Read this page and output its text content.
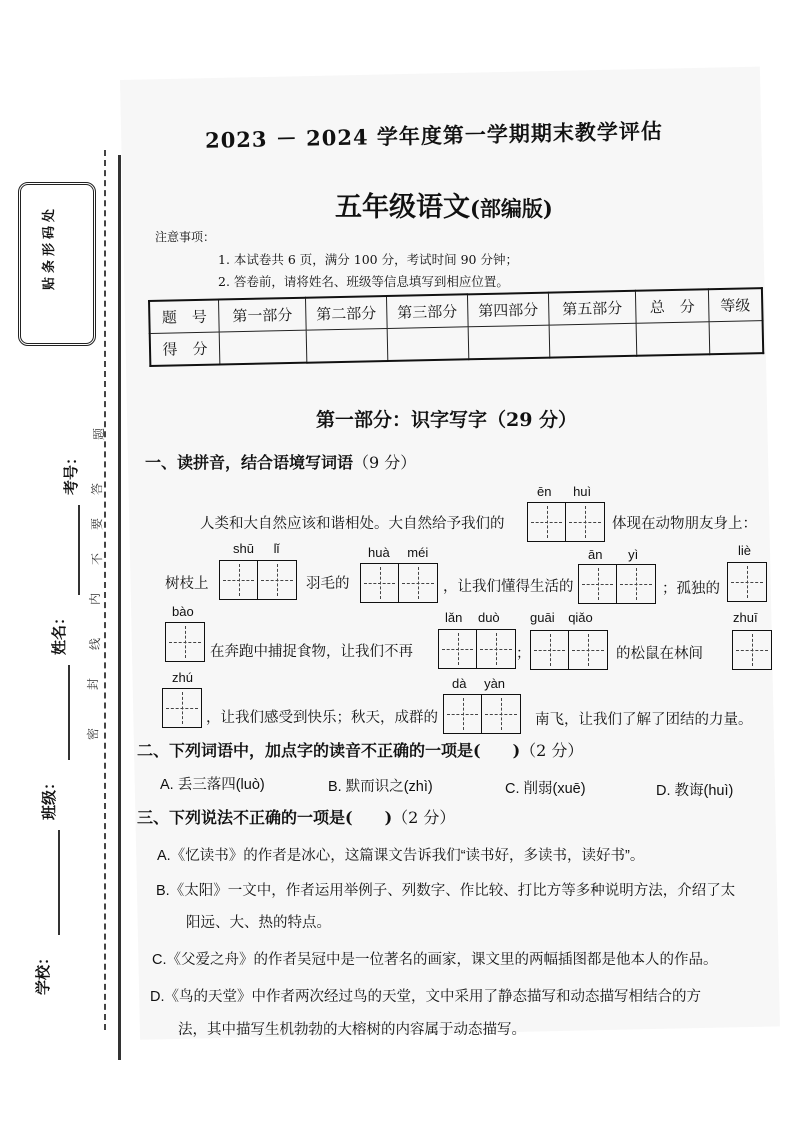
贴条形码处
考号：
姓名：
班级：
学校：
题
答
要
不
内
线
封
密
2023 － 2024 学年度第一学期期末教学评估
五年级语文(部编版)
注意事项：
1. 本试卷共 6 页，满分 100 分，考试时间 90 分钟；
2. 答卷前，请将姓名、班级等信息填写到相应位置。
题　号	第一部分	第二部分	第三部分	第四部分	第五部分	总　分	等级
得　分							
第一部分：识字写字（29 分）
一、读拼音，结合语境写词语（9 分）
ēn huì
人类和大自然应该和谐相处。大自然给予我们的	体现在动物朋友身上：
shū lǐ	huà méi	ān yì	liè
树枝上	羽毛的	，让我们懂得生活的	；孤独的
bào	lǎn duò guāi qiǎo	zhuī
在奔跑中捕捉食物，让我们不再	；	的松鼠在林间
zhú	dà yàn
，让我们感受到快乐；秋天，成群的	南飞，让我们了解了团结的力量。
二、下列词语中，加点字的读音不正确的一项是(　　)（2 分）
A. 丢三落四(luò)	B. 默而识之(zhì)	C. 削弱(xuē)	D. 教诲(huì)
三、下列说法不正确的一项是(　　)（2 分）
A.《忆读书》的作者是冰心，这篇课文告诉我们“读书好，多读书，读好书”。
B.《太阳》一文中，作者运用举例子、列数字、作比较、打比方等多种说明方法，介绍了太
阳远、大、热的特点。
C.《父爱之舟》的作者吴冠中是一位著名的画家，课文里的两幅插图都是他本人的作品。
D.《鸟的天堂》中作者两次经过鸟的天堂，文中采用了静态描写和动态描写相结合的方
法，其中描写生机勃勃的大榕树的内容属于动态描写。
